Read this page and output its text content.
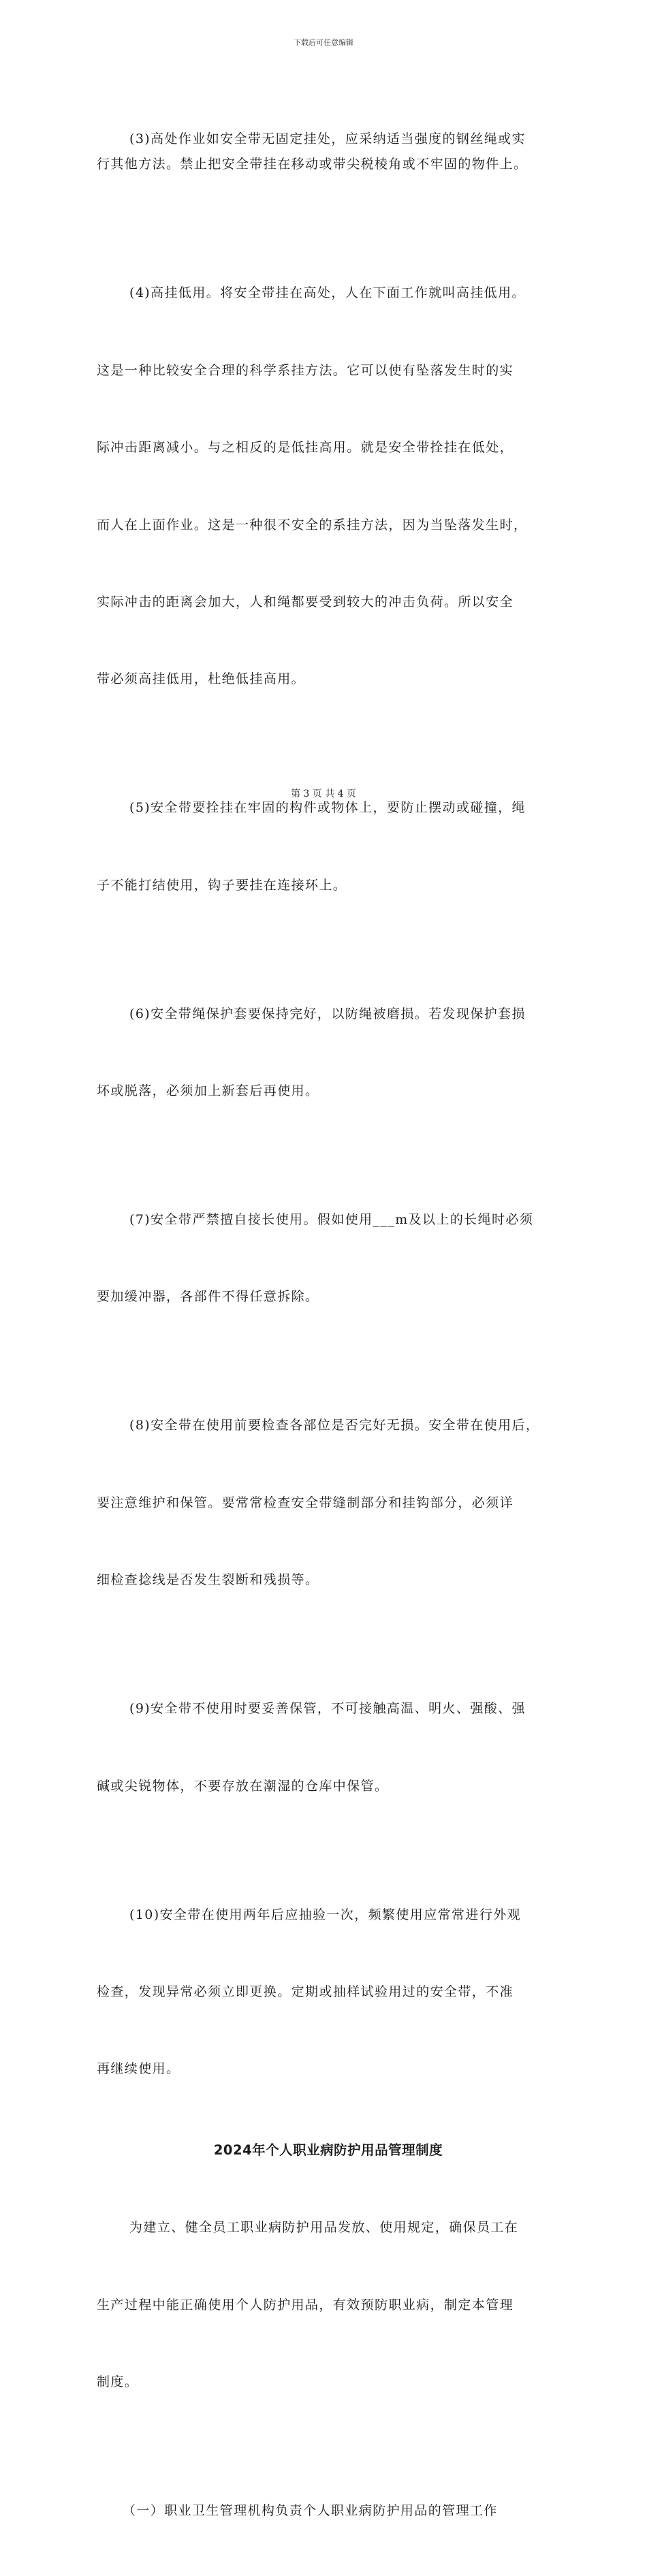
下载后可任意编辑

(3)高处作业如安全带无固定挂处，应采纳适当强度的钢丝绳或实
行其他方法。禁止把安全带挂在移动或带尖税棱角或不牢固的物件上。

(4)高挂低用。将安全带挂在高处，人在下面工作就叫高挂低用。

这是一种比较安全合理的科学系挂方法。它可以使有坠落发生时的实

际冲击距离减小。与之相反的是低挂高用。就是安全带拴挂在低处，

而人在上面作业。这是一种很不安全的系挂方法，因为当坠落发生时，

实际冲击的距离会加大，人和绳都要受到较大的冲击负荷。所以安全

带必须高挂低用，杜绝低挂高用。

(5)安全带要拴挂在牢固的构件或物体上，要防止摆动或碰撞，绳

子不能打结使用，钩子要挂在连接环上。

(6)安全带绳保护套要保持完好，以防绳被磨损。若发现保护套损

坏或脱落，必须加上新套后再使用。

(7)安全带严禁擅自接长使用。假如使用___m及以上的长绳时必须

要加缓冲器，各部件不得任意拆除。

(8)安全带在使用前要检查各部位是否完好无损。安全带在使用后，

要注意维护和保管。要常常检查安全带缝制部分和挂钩部分，必须详

细检查捻线是否发生裂断和残损等。

(9)安全带不使用时要妥善保管，不可接触高温、明火、强酸、强

碱或尖锐物体，不要存放在潮湿的仓库中保管。

(10)安全带在使用两年后应抽验一次，频繁使用应常常进行外观

检查，发现异常必须立即更换。定期或抽样试验用过的安全带，不准

再继续使用。

2024年个人职业病防护用品管理制度

为建立、健全员工职业病防护用品发放、使用规定，确保员工在

生产过程中能正确使用个人防护用品，有效预防职业病，制定本管理

制度。

（一）职业卫生管理机构负责个人职业病防护用品的管理工作

第 3 页 共 4 页
